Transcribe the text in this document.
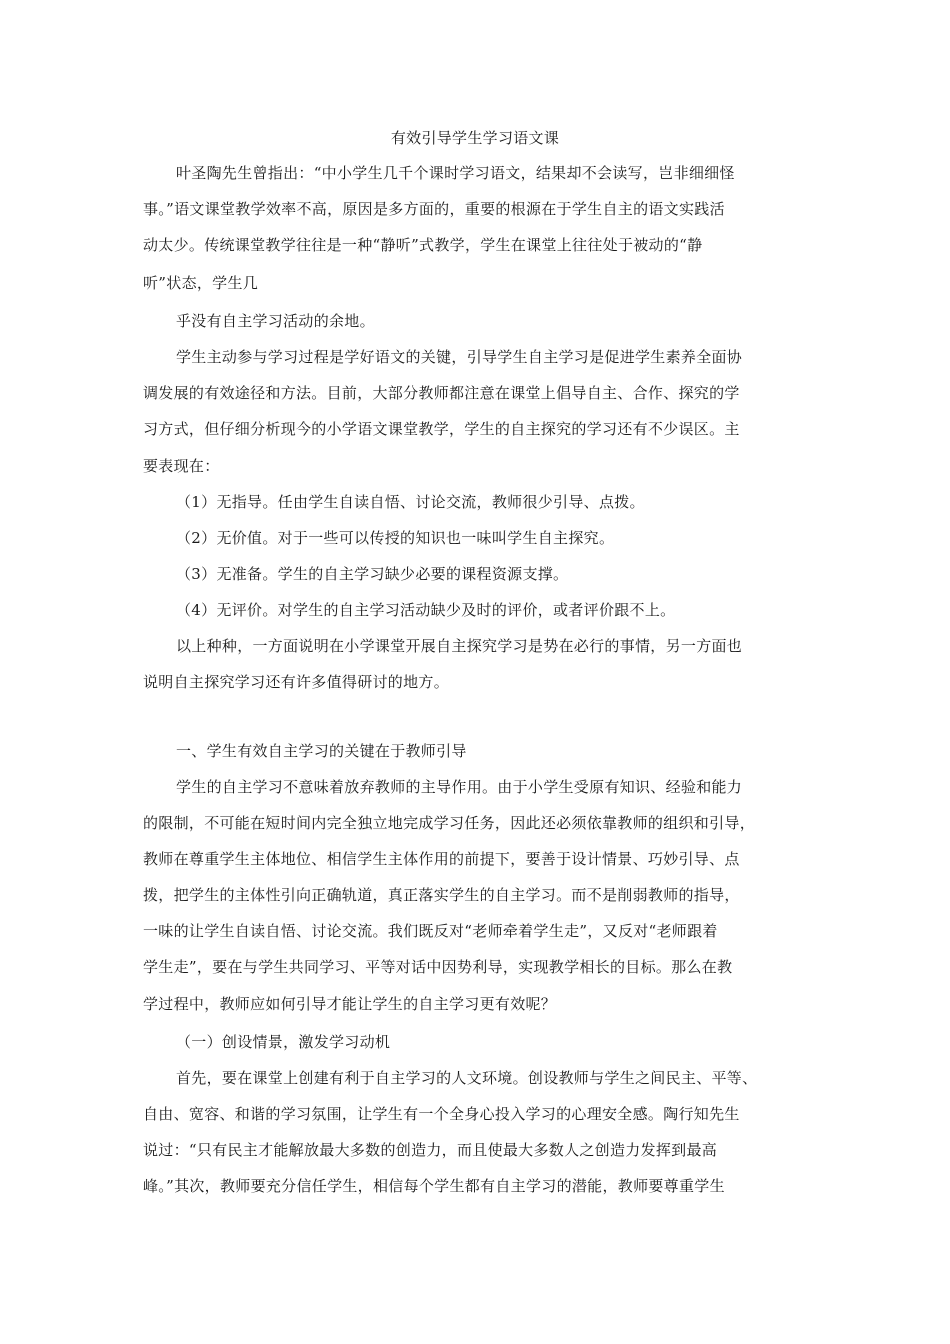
有效引导学生学习语文课
叶圣陶先生曾指出：“中小学生几千个课时学习语文，结果却不会读写，岂非细细怪
事。”语文课堂教学效率不高，原因是多方面的，重要的根源在于学生自主的语文实践活
动太少。传统课堂教学往往是一种“静听”式教学，学生在课堂上往往处于被动的“静
听”状态，学生几
乎没有自主学习活动的余地。
学生主动参与学习过程是学好语文的关键，引导学生自主学习是促进学生素养全面协
调发展的有效途径和方法。目前，大部分教师都注意在课堂上倡导自主、合作、探究的学
习方式，但仔细分析现今的小学语文课堂教学，学生的自主探究的学习还有不少误区。主
要表现在：
（1）无指导。任由学生自读自悟、讨论交流，教师很少引导、点拨。
（2）无价值。对于一些可以传授的知识也一味叫学生自主探究。
（3）无准备。学生的自主学习缺少必要的课程资源支撑。
（4）无评价。对学生的自主学习活动缺少及时的评价，或者评价跟不上。
以上种种，一方面说明在小学课堂开展自主探究学习是势在必行的事情，另一方面也
说明自主探究学习还有许多值得研讨的地方。
一、学生有效自主学习的关键在于教师引导
学生的自主学习不意味着放弃教师的主导作用。由于小学生受原有知识、经验和能力
的限制，不可能在短时间内完全独立地完成学习任务，因此还必须依靠教师的组织和引导，
教师在尊重学生主体地位、相信学生主体作用的前提下，要善于设计情景、巧妙引导、点
拨，把学生的主体性引向正确轨道，真正落实学生的自主学习。而不是削弱教师的指导，
一味的让学生自读自悟、讨论交流。我们既反对“老师牵着学生走”，又反对“老师跟着
学生走”，要在与学生共同学习、平等对话中因势利导，实现教学相长的目标。那么在教
学过程中，教师应如何引导才能让学生的自主学习更有效呢？
（一）创设情景，激发学习动机
首先，要在课堂上创建有利于自主学习的人文环境。创设教师与学生之间民主、平等、
自由、宽容、和谐的学习氛围，让学生有一个全身心投入学习的心理安全感。陶行知先生
说过：“只有民主才能解放最大多数的创造力，而且使最大多数人之创造力发挥到最高
峰。”其次，教师要充分信任学生，相信每个学生都有自主学习的潜能，教师要尊重学生
